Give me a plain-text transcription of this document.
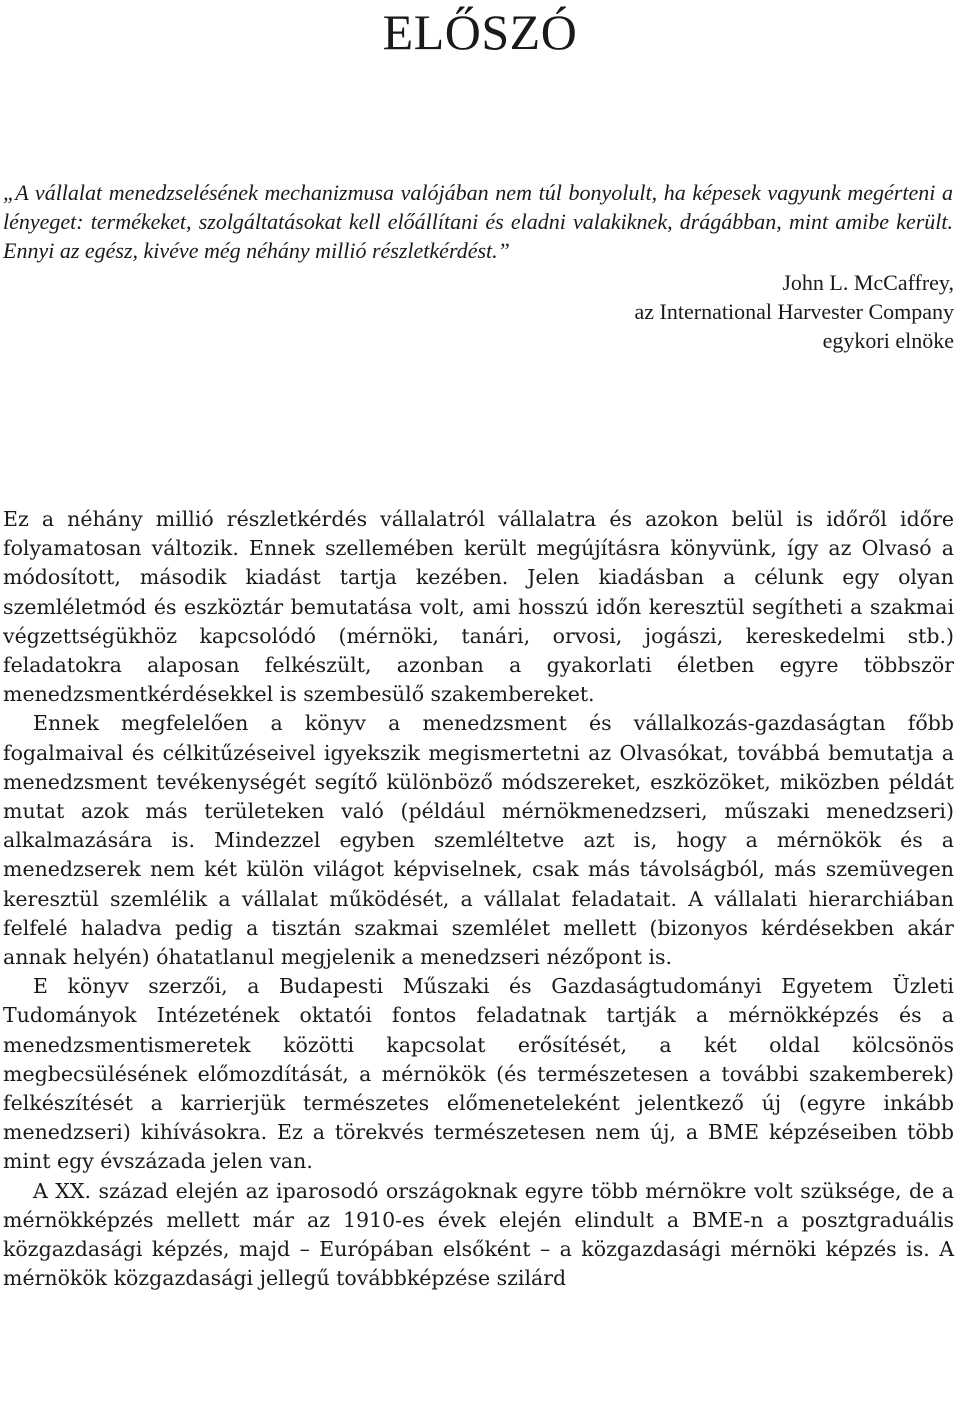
ELŐSZÓ

„A vállalat menedzselésének mechanizmusa valójában nem túl bonyolult, ha képesek vagyunk megérteni a lényeget: termékeket, szolgáltatásokat kell előállítani és eladni valakiknek, drágábban, mint amibe került. Ennyi az egész, kivéve még néhány millió részletkérdést.”

John L. McCaffrey,
az International Harvester Company
egykori elnöke

Ez a néhány millió részletkérdés vállalatról vállalatra és azokon belül is időről időre folyamatosan változik. Ennek szellemében került megújításra könyvünk, így az Olvasó a módosított, második kiadást tartja kezében. Jelen kiadásban a célunk egy olyan szemléletmód és eszköztár bemutatása volt, ami hosszú időn keresztül segítheti a szakmai végzettségükhöz kapcsolódó (mérnöki, tanári, orvosi, jogászi, kereskedelmi stb.) feladatokra alaposan felkészült, azonban a gyakorlati életben egyre többször menedzsmentkérdésekkel is szembesülő szakembereket.

Ennek megfelelően a könyv a menedzsment és vállalkozás-gazdaságtan főbb fogalmaival és célkitűzéseivel igyekszik megismertetni az Olvasókat, továbbá bemutatja a menedzsment tevékenységét segítő különböző módszereket, eszközöket, miközben példát mutat azok más területeken való (például mérnökmenedzseri, műszaki menedzseri) alkalmazására is. Mindezzel egyben szemléltetve azt is, hogy a mérnökök és a menedzserek nem két külön világot képviselnek, csak más távolságból, más szemüvegen keresztül szemlélik a vállalat működését, a vállalat feladatait. A vállalati hierarchiában felfelé haladva pedig a tisztán szakmai szemlélet mellett (bizonyos kérdésekben akár annak helyén) óhatatlanul megjelenik a menedzseri nézőpont is.

E könyv szerzői, a Budapesti Műszaki és Gazdaságtudományi Egyetem Üzleti Tudományok Intézetének oktatói fontos feladatnak tartják a mérnökképzés és a menedzsmentismeretek közötti kapcsolat erősítését, a két oldal kölcsönös megbecsülésének előmozdítását, a mérnökök (és természetesen a további szakemberek) felkészítését a karrierjük természetes előmeneteleként jelentkező új (egyre inkább menedzseri) kihívásokra. Ez a törekvés természetesen nem új, a BME képzéseiben több mint egy évszázada jelen van.

A XX. század elején az iparosodó országoknak egyre több mérnökre volt szüksége, de a mérnökképzés mellett már az 1910-es évek elején elindult a BME-n a posztgraduális közgazdasági képzés, majd – Európában elsőként – a közgazdasági mérnöki képzés is. A mérnökök közgazdasági jellegű továbbképzése szilárd
